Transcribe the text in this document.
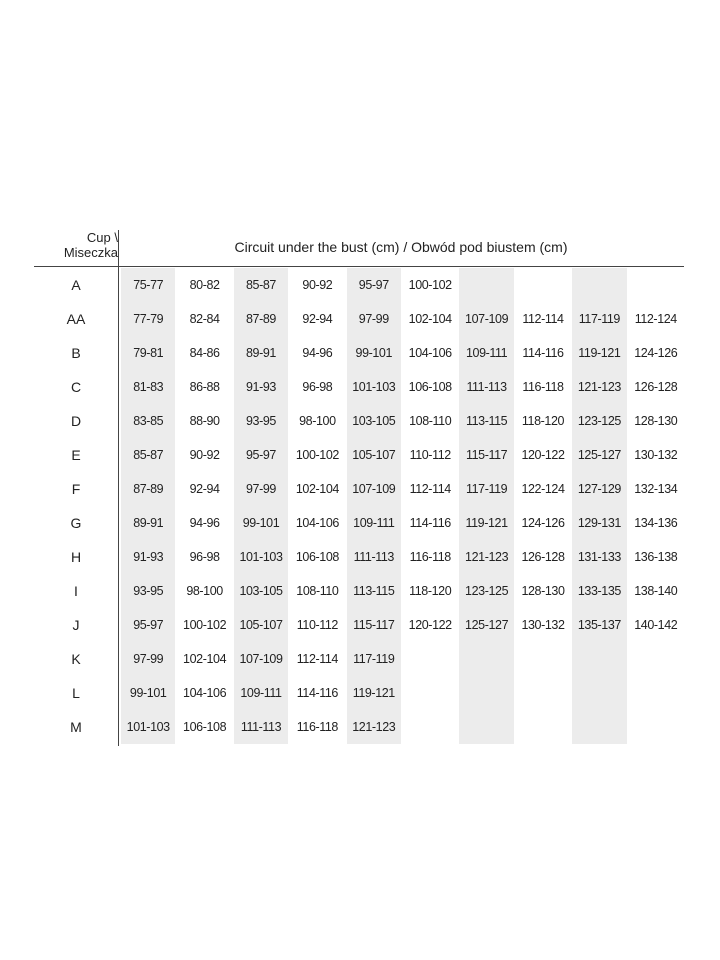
Cup \
Miseczka	Circuit under the bust (cm) / Obwód pod biustem (cm)
A	75-77	80-82	85-87	90-92	95-97	100-102
AA	77-79	82-84	87-89	92-94	97-99	102-104	107-109	112-114	117-119	112-124
B	79-81	84-86	89-91	94-96	99-101	104-106	109-111	114-116	119-121	124-126
C	81-83	86-88	91-93	96-98	101-103	106-108	111-113	116-118	121-123	126-128
D	83-85	88-90	93-95	98-100	103-105	108-110	113-115	118-120	123-125	128-130
E	85-87	90-92	95-97	100-102	105-107	110-112	115-117	120-122	125-127	130-132
F	87-89	92-94	97-99	102-104	107-109	112-114	117-119	122-124	127-129	132-134
G	89-91	94-96	99-101	104-106	109-111	114-116	119-121	124-126	129-131	134-136
H	91-93	96-98	101-103	106-108	111-113	116-118	121-123	126-128	131-133	136-138
I	93-95	98-100	103-105	108-110	113-115	118-120	123-125	128-130	133-135	138-140
J	95-97	100-102	105-107	110-112	115-117	120-122	125-127	130-132	135-137	140-142
K	97-99	102-104	107-109	112-114	117-119
L	99-101	104-106	109-111	114-116	119-121
M	101-103	106-108	111-113	116-118	121-123
